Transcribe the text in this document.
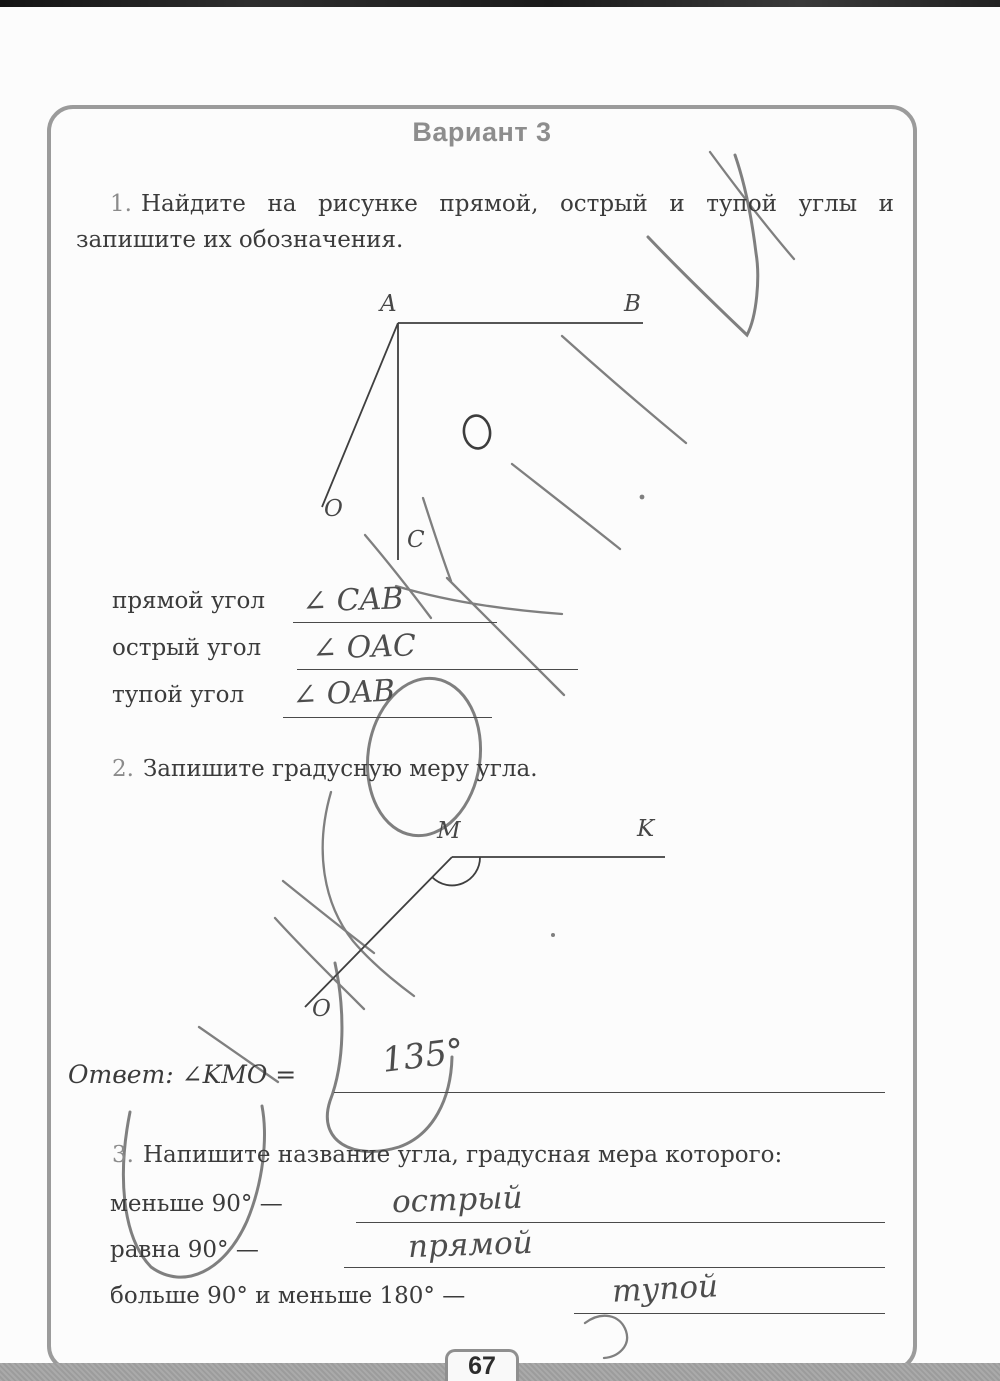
Вариант 3

1. Найдите на рисунке прямой, острый и тупой углы и
запишите их обозначения.

A	B
O
C
прямой угол ∠ CAB
острый угол ∠ OAC
тупой угол ∠ OAB

2. Запишите градусную меру угла.

M	K
O
Ответ: ∠KMO = 135°

3. Напишите название угла, градусная мера которого:

меньше 90° —	острый
равна 90° —	прямой
больше 90° и меньше 180° —	тупой
67
